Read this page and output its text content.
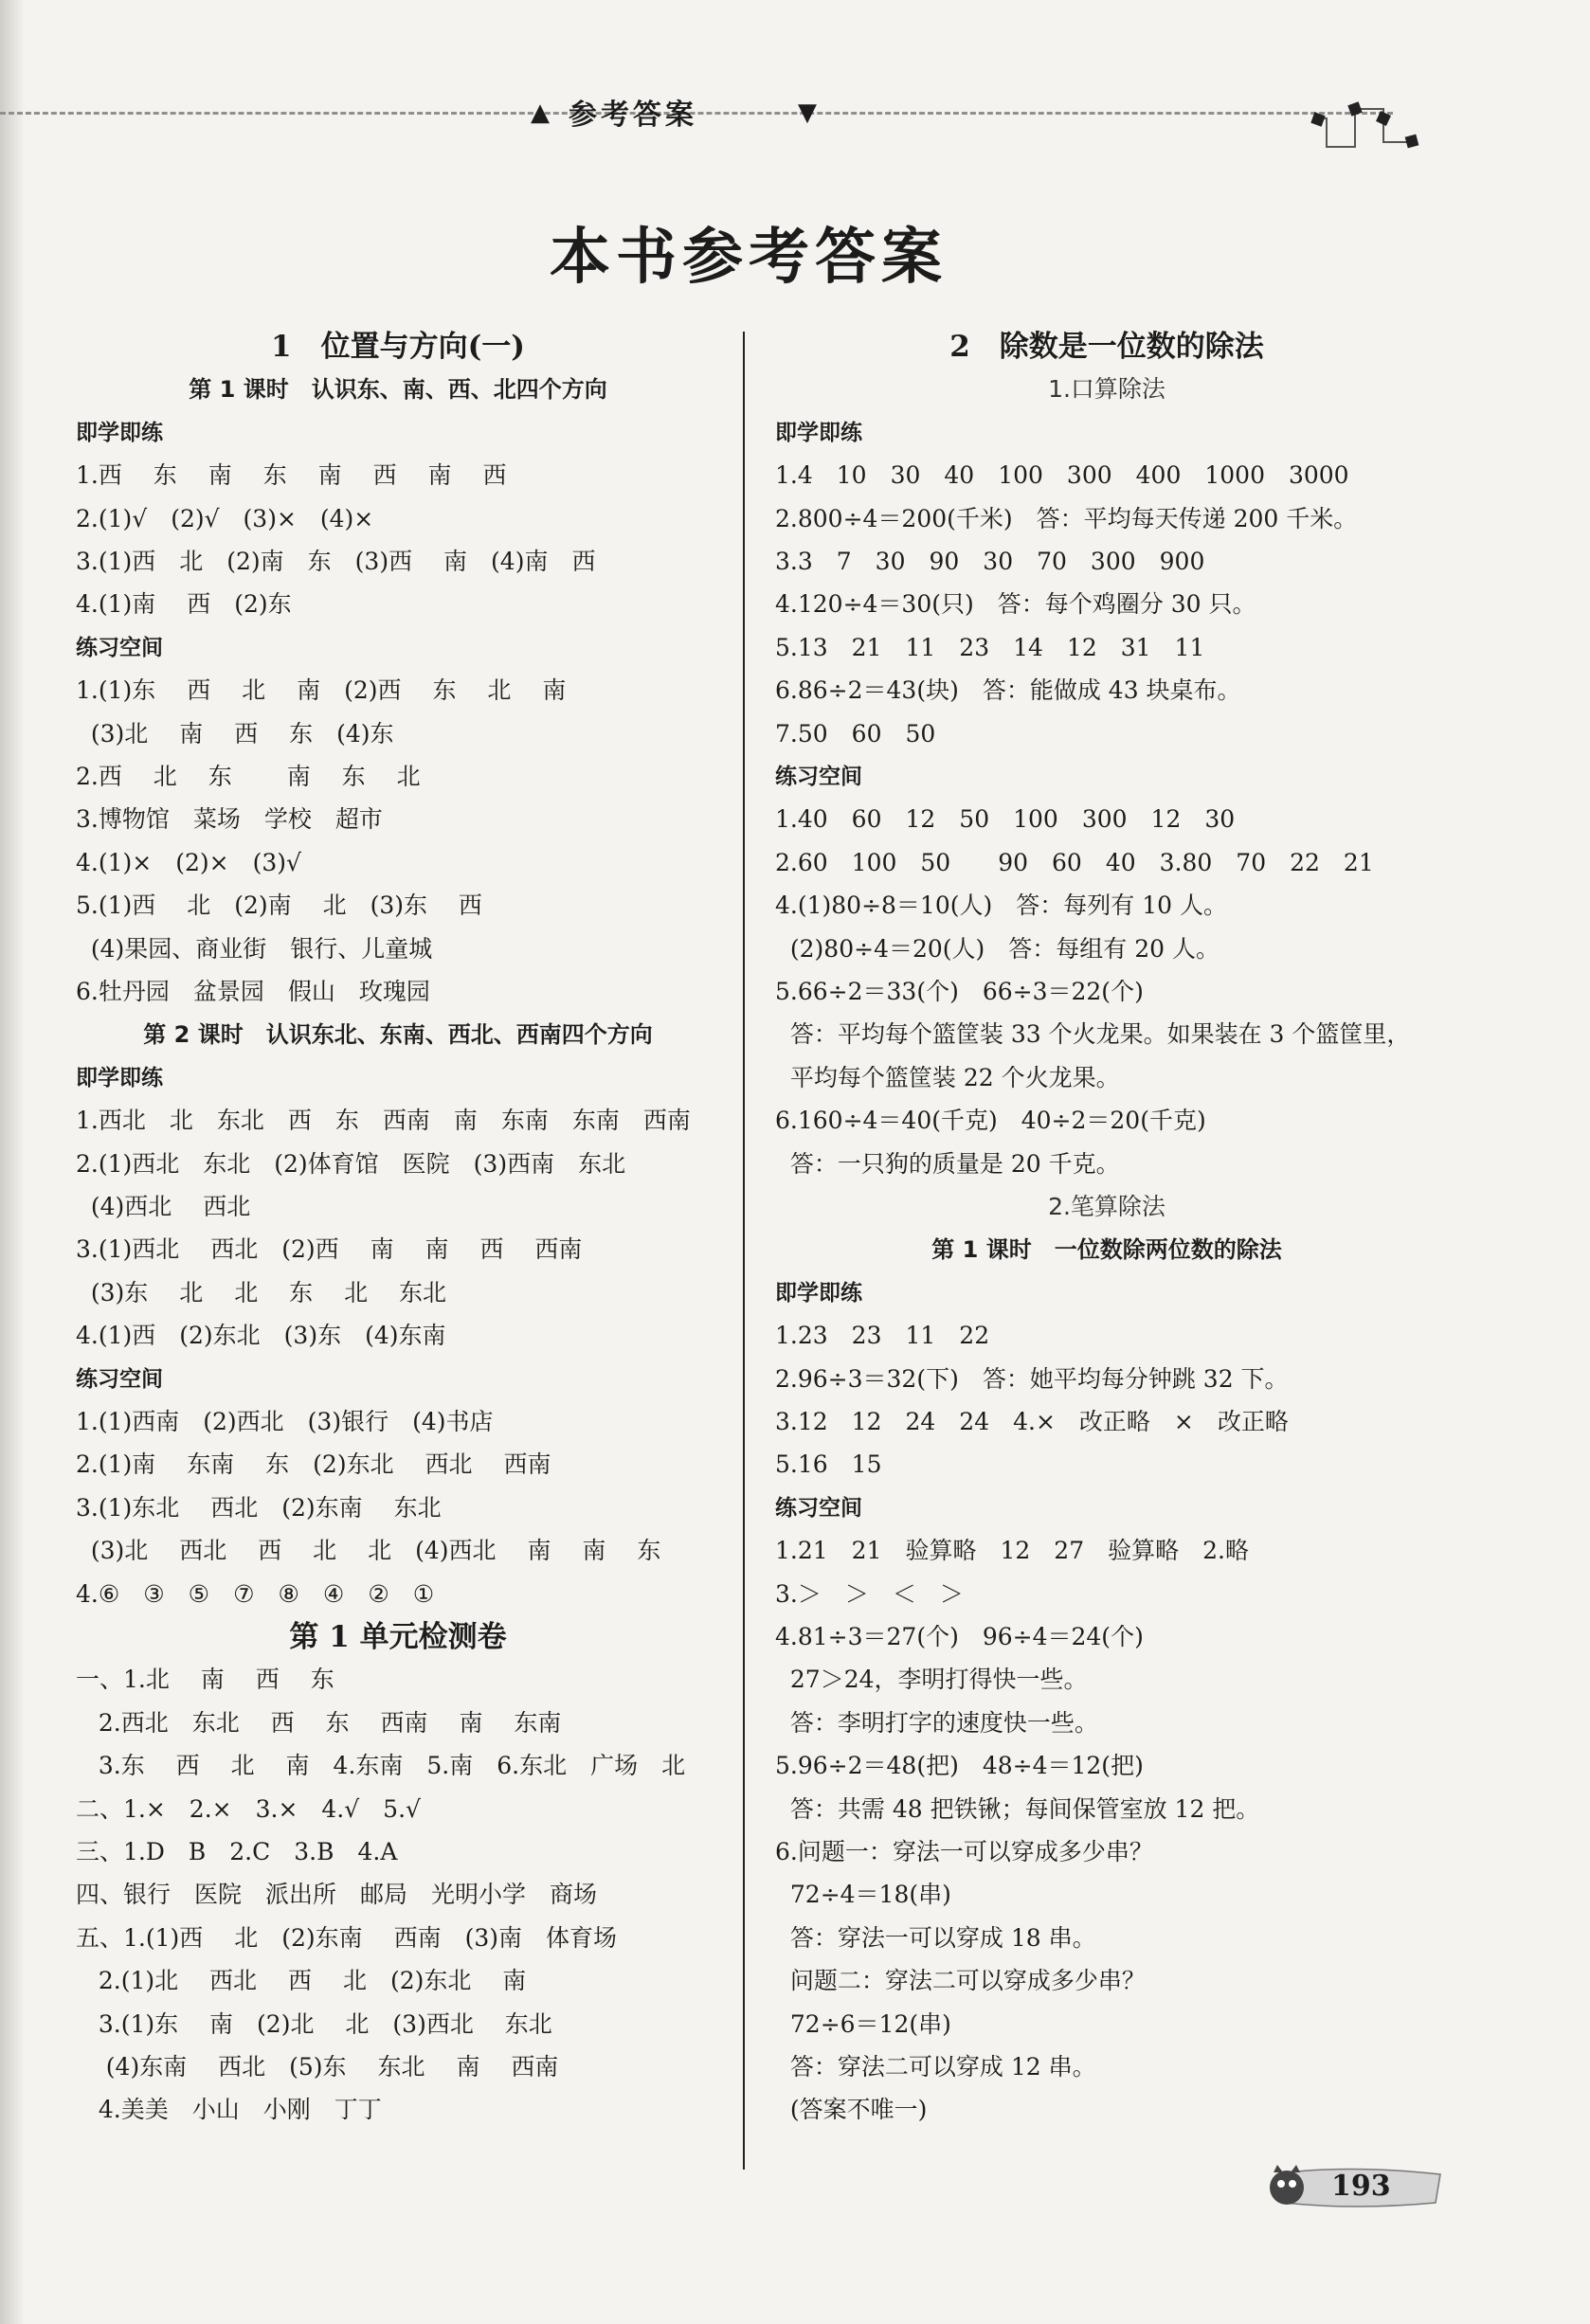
▲ 参考答案	▼
本书参考答案

1　位置与方向(一)
第 1 课时　认识东、南、西、北四个方向
即学即练
1.西　 东　 南　 东　 南　 西　 南　 西
2.(1)√　(2)√　(3)×　(4)×
3.(1)西　北　(2)南　东　(3)西　 南　(4)南　西
4.(1)南　 西　(2)东
练习空间
1.(1)东　 西　 北　 南　(2)西　 东　 北　 南
(3)北　 南　 西　 东　(4)东
2.西　 北　 东　　 南　 东　 北
3.博物馆　菜场　学校　超市
4.(1)×　(2)×　(3)√
5.(1)西　 北　(2)南　 北　(3)东　 西
(4)果园、商业街　银行、儿童城
6.牡丹园　盆景园　假山　玫瑰园
第 2 课时　认识东北、东南、西北、西南四个方向
即学即练
1.西北　北　东北　西　东　西南　南　东南　东南　西南
2.(1)西北　东北　(2)体育馆　医院　(3)西南　东北
(4)西北　 西北
3.(1)西北　 西北　(2)西　 南　 南　 西　 西南
(3)东　 北　 北　 东　 北　 东北
4.(1)西　(2)东北　(3)东　(4)东南
练习空间
1.(1)西南　(2)西北　(3)银行　(4)书店
2.(1)南　 东南　 东　(2)东北　 西北　 西南
3.(1)东北　 西北　(2)东南　 东北
(3)北　 西北　 西　 北　 北　(4)西北　 南　 南　 东
4.⑥　③　⑤　⑦　⑧　④　②　①
第 1 单元检测卷
一、1.北　 南　 西　 东
2.西北　东北　 西　 东　 西南　 南　 东南
3.东　 西　 北　 南　4.东南　5.南　6.东北　广场　北
二、1.×　2.×　3.×　4.√　5.√
三、1.D　B　2.C　3.B　4.A
四、银行　医院　派出所　邮局　光明小学　商场
五、1.(1)西　 北　(2)东南　 西南　(3)南　体育场
2.(1)北　 西北　 西　 北　(2)东北　 南
3.(1)东　 南　(2)北　 北　(3)西北　 东北
(4)东南　 西北　(5)东　 东北　 南　 西南
4.美美　小山　小刚　丁丁
2　除数是一位数的除法
1.口算除法
即学即练
1.4　10　30　40　100　300　400　1000　3000
2.800÷4＝200(千米)　答：平均每天传递 200 千米。
3.3　7　30　90　30　70　300　900
4.120÷4＝30(只)　答：每个鸡圈分 30 只。
5.13　21　11　23　14　12　31　11
6.86÷2＝43(块)　答：能做成 43 块桌布。
7.50　60　50
练习空间
1.40　60　12　50　100　300　12　30
2.60　100　50　　90　60　40　3.80　70　22　21
4.(1)80÷8＝10(人)　答：每列有 10 人。
(2)80÷4＝20(人)　答：每组有 20 人。
5.66÷2＝33(个)　66÷3＝22(个)
答：平均每个篮筐装 33 个火龙果。如果装在 3 个篮筐里，
平均每个篮筐装 22 个火龙果。
6.160÷4＝40(千克)　40÷2＝20(千克)
答：一只狗的质量是 20 千克。
2.笔算除法
第 1 课时　一位数除两位数的除法
即学即练
1.23　23　11　22
2.96÷3＝32(下)　答：她平均每分钟跳 32 下。
3.12　12　24　24　4.×　改正略　×　改正略
5.16　15
练习空间
1.21　21　验算略　12　27　验算略　2.略
3.＞　＞　＜　＞
4.81÷3＝27(个)　96÷4＝24(个)
27＞24，李明打得快一些。
答：李明打字的速度快一些。
5.96÷2＝48(把)　48÷4＝12(把)
答：共需 48 把铁锹；每间保管室放 12 把。
6.问题一：穿法一可以穿成多少串？
72÷4＝18(串)
答：穿法一可以穿成 18 串。
问题二：穿法二可以穿成多少串？
72÷6＝12(串)
答：穿法二可以穿成 12 串。
(答案不唯一)
193
